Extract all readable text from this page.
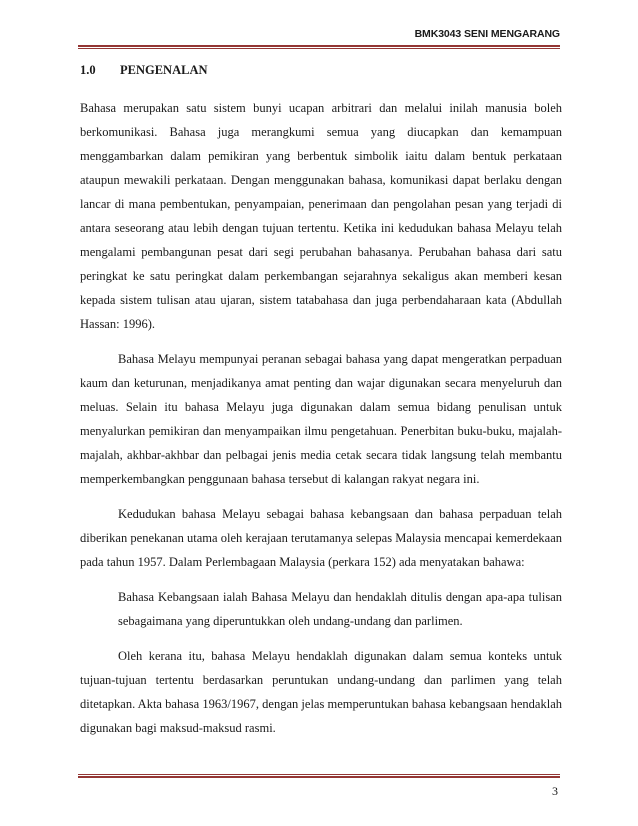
BMK3043 SENI MENGARANG
1.0	PENGENALAN

Bahasa merupakan satu sistem bunyi ucapan arbitrari dan melalui inilah manusia boleh berkomunikasi. Bahasa juga merangkumi semua yang diucapkan dan kemampuan menggambarkan dalam pemikiran yang berbentuk simbolik iaitu dalam bentuk perkataan ataupun mewakili perkataan. Dengan menggunakan bahasa, komunikasi dapat berlaku dengan lancar di mana pembentukan, penyampaian, penerimaan dan pengolahan pesan yang terjadi di antara seseorang atau lebih dengan tujuan tertentu. Ketika ini kedudukan bahasa Melayu telah mengalami pembangunan pesat dari segi perubahan bahasanya. Perubahan bahasa dari satu peringkat ke satu peringkat dalam perkembangan sejarahnya sekaligus akan memberi kesan kepada sistem tulisan atau ujaran, sistem tatabahasa dan juga perbendaharaan kata (Abdullah Hassan: 1996).

Bahasa Melayu mempunyai peranan sebagai bahasa yang dapat mengeratkan perpaduan kaum dan keturunan, menjadikanya amat penting dan wajar digunakan secara menyeluruh dan meluas. Selain itu bahasa Melayu juga digunakan dalam semua bidang penulisan untuk menyalurkan pemikiran dan menyampaikan ilmu pengetahuan. Penerbitan buku-buku, majalah-majalah, akhbar-akhbar dan pelbagai jenis media cetak secara tidak langsung telah membantu memperkembangkan penggunaan bahasa tersebut di kalangan rakyat negara ini.

Kedudukan bahasa Melayu sebagai bahasa kebangsaan dan bahasa perpaduan telah diberikan penekanan utama oleh kerajaan terutamanya selepas Malaysia mencapai kemerdekaan pada tahun 1957. Dalam Perlembagaan Malaysia (perkara 152) ada menyatakan bahawa:

Bahasa Kebangsaan ialah Bahasa Melayu dan hendaklah ditulis dengan apa-apa tulisan sebagaimana yang diperuntukkan oleh undang-undang dan parlimen.

Oleh kerana itu, bahasa Melayu hendaklah digunakan dalam semua konteks untuk tujuan-tujuan tertentu berdasarkan peruntukan undang-undang dan parlimen yang telah ditetapkan. Akta bahasa 1963/1967, dengan jelas memperuntukan bahasa kebangsaan hendaklah digunakan bagi maksud-maksud rasmi.

3
